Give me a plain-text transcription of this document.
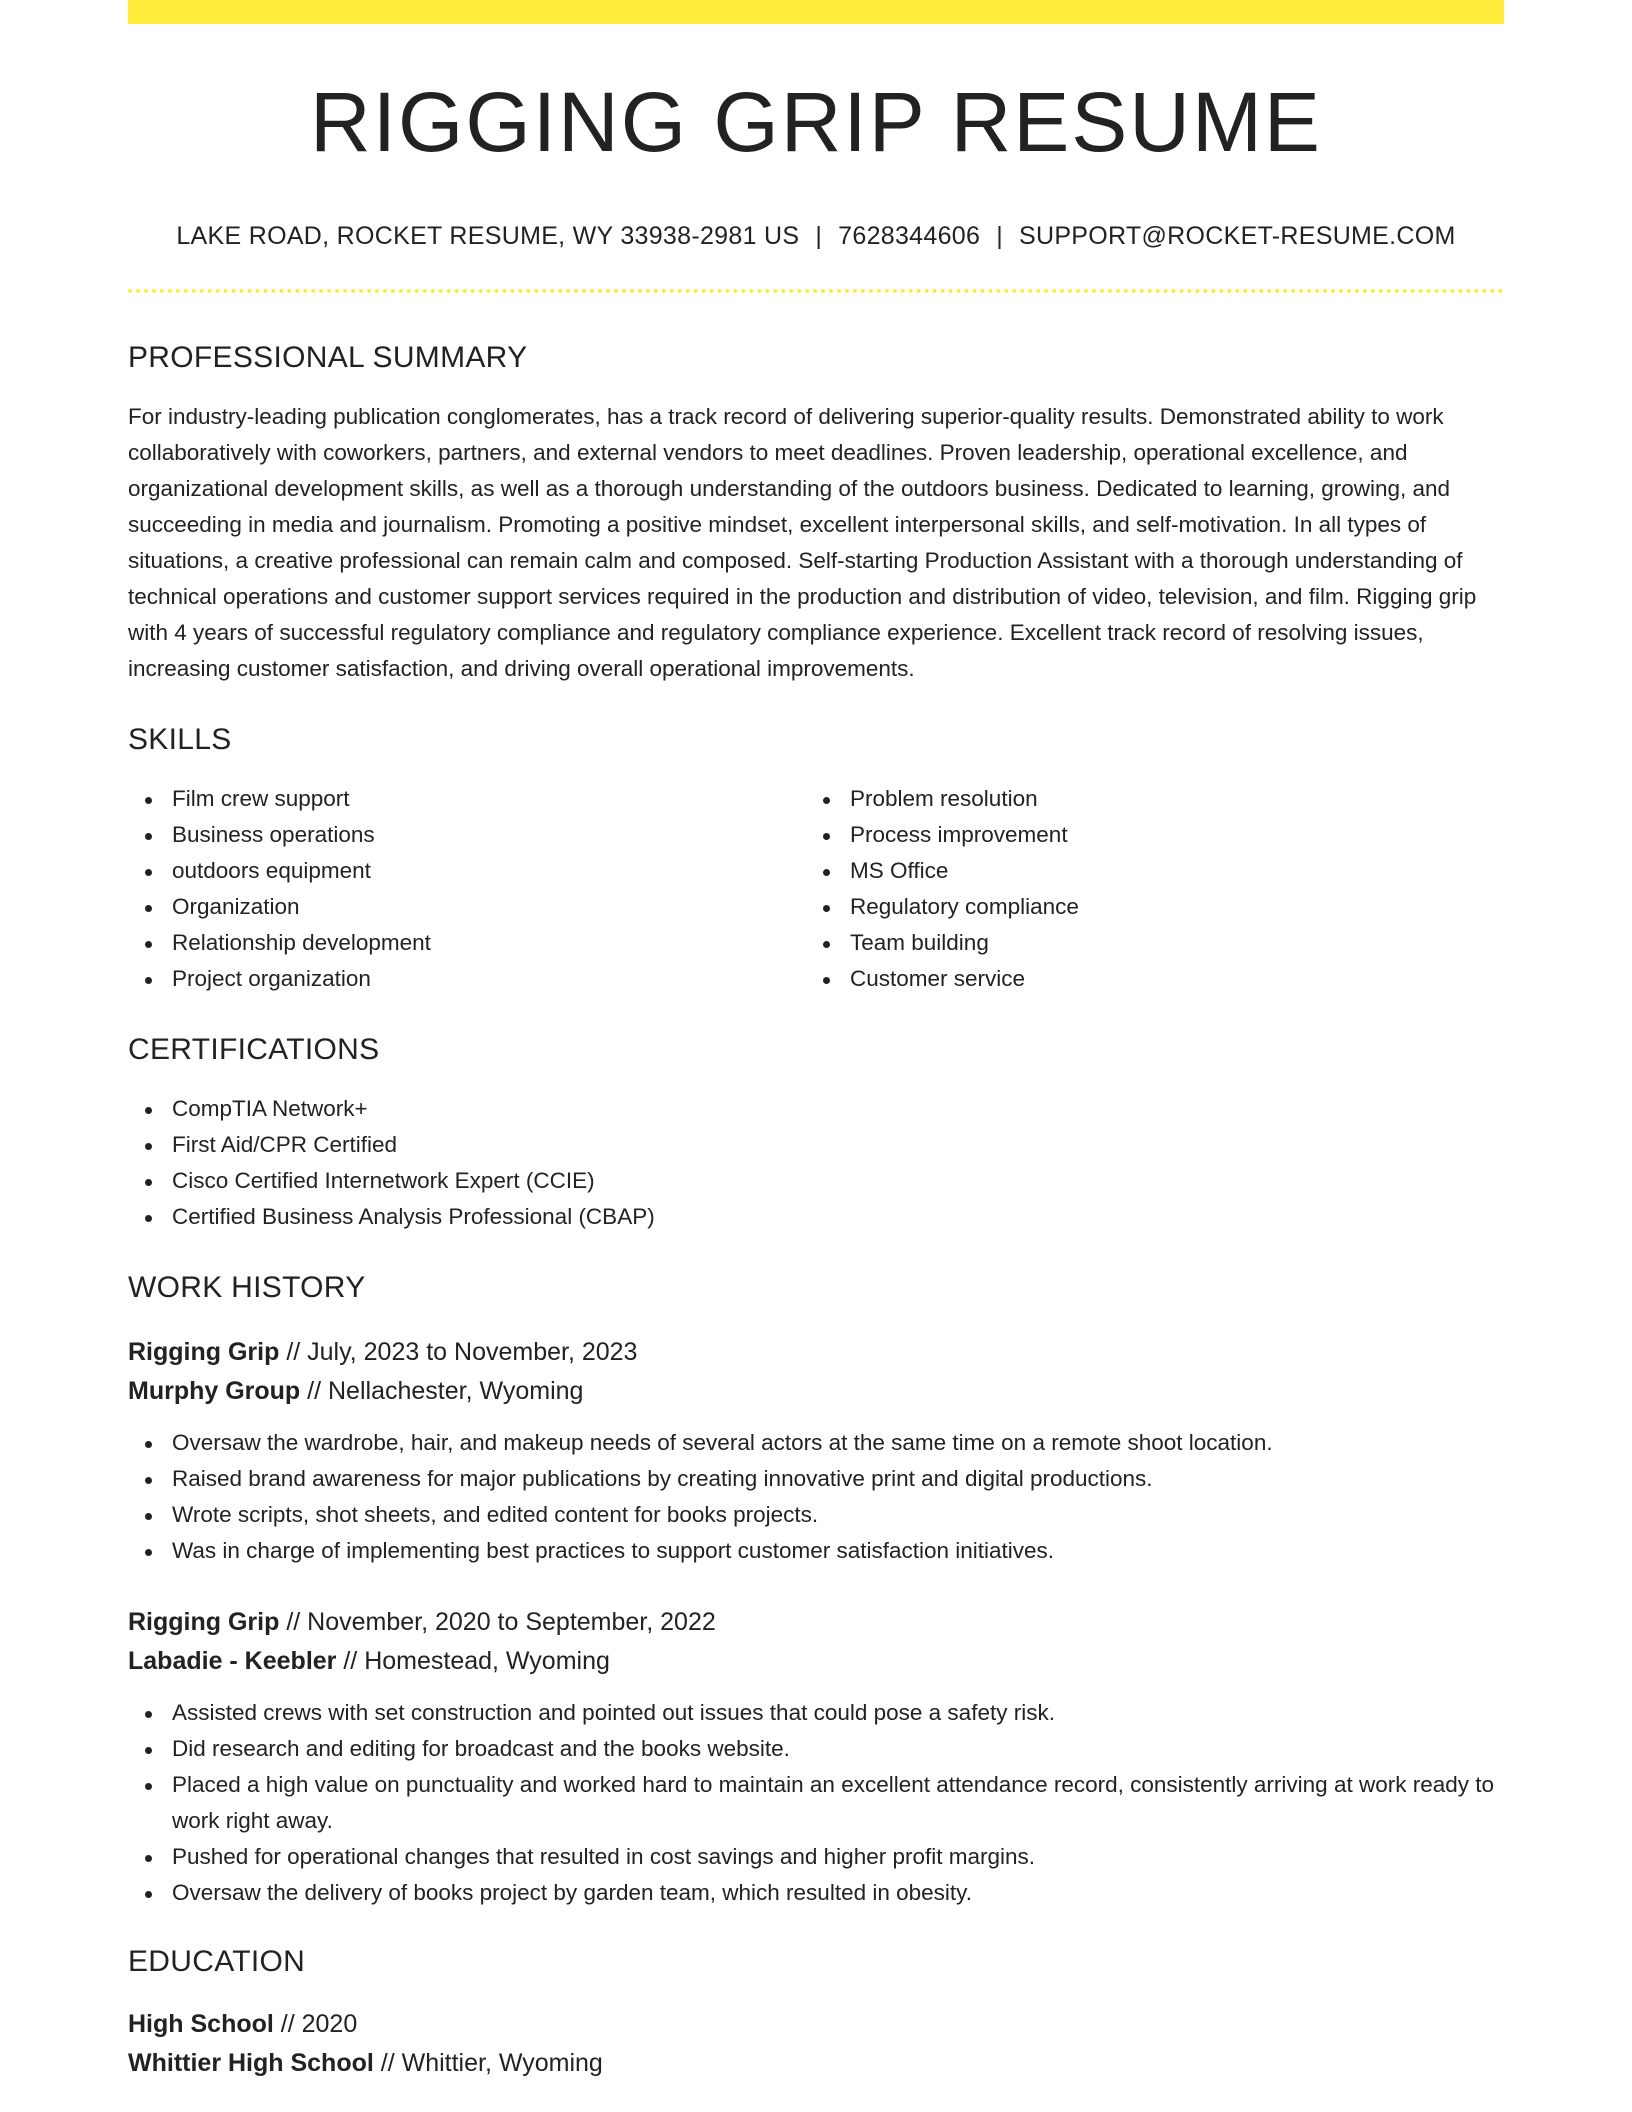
RIGGING GRIP RESUME
LAKE ROAD, ROCKET RESUME, WY 33938-2981 US | 7628344606 | SUPPORT@ROCKET-RESUME.COM
PROFESSIONAL SUMMARY

For industry-leading publication conglomerates, has a track record of delivering superior-quality results. Demonstrated ability to work collaboratively with coworkers, partners, and external vendors to meet deadlines. Proven leadership, operational excellence, and organizational development skills, as well as a thorough understanding of the outdoors business. Dedicated to learning, growing, and succeeding in media and journalism. Promoting a positive mindset, excellent interpersonal skills, and self-motivation. In all types of situations, a creative professional can remain calm and composed. Self-starting Production Assistant with a thorough understanding of technical operations and customer support services required in the production and distribution of video, television, and film. Rigging grip with 4 years of successful regulatory compliance and regulatory compliance experience. Excellent track record of resolving issues, increasing customer satisfaction, and driving overall operational improvements.

SKILLS
Film crew support
Business operations
outdoors equipment
Organization
Relationship development
Project organization
Problem resolution
Process improvement
MS Office
Regulatory compliance
Team building
Customer service
CERTIFICATIONS
CompTIA Network+
First Aid/CPR Certified
Cisco Certified Internetwork Expert (CCIE)
Certified Business Analysis Professional (CBAP)
WORK HISTORY
Rigging Grip // July, 2023 to November, 2023
Murphy Group // Nellachester, Wyoming
Oversaw the wardrobe, hair, and makeup needs of several actors at the same time on a remote shoot location.
Raised brand awareness for major publications by creating innovative print and digital productions.
Wrote scripts, shot sheets, and edited content for books projects.
Was in charge of implementing best practices to support customer satisfaction initiatives.
Rigging Grip // November, 2020 to September, 2022
Labadie - Keebler // Homestead, Wyoming
Assisted crews with set construction and pointed out issues that could pose a safety risk.
Did research and editing for broadcast and the books website.
Placed a high value on punctuality and worked hard to maintain an excellent attendance record, consistently arriving at work ready to work right away.
Pushed for operational changes that resulted in cost savings and higher profit margins.
Oversaw the delivery of books project by garden team, which resulted in obesity.
EDUCATION
High School // 2020
Whittier High School // Whittier, Wyoming
